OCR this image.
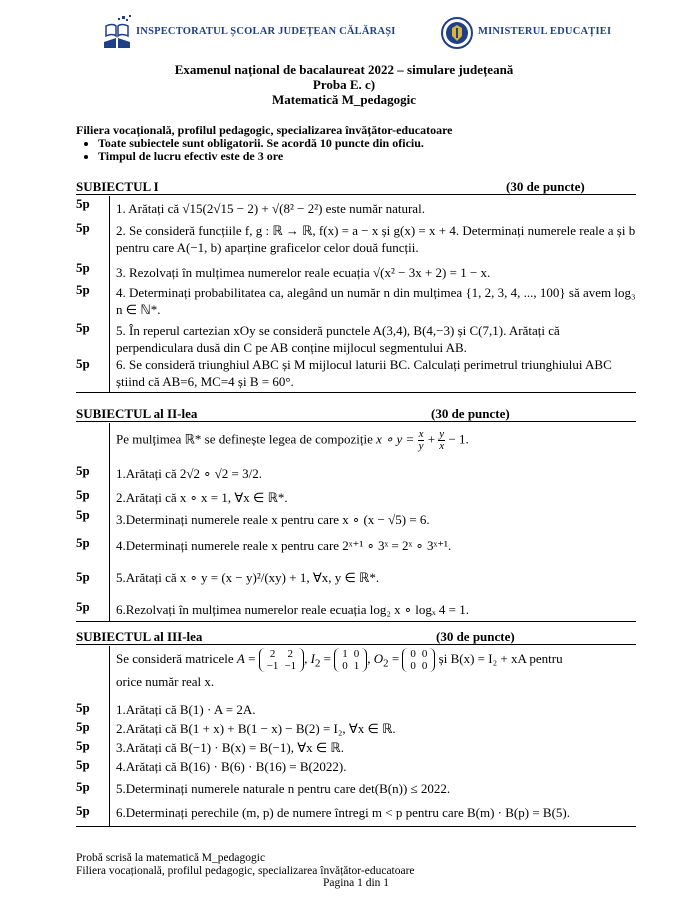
INSPECTORATUL ȘCOLAR JUDEȚEAN CĂLĂRAȘI	MINISTERUL EDUCAȚIEI
Examenul național de bacalaureat 2022 – simulare județeană
Proba E. c)
Matematică M_pedagogic
Filiera vocațională, profilul pedagogic, specializarea învățător-educatoare
• Toate subiectele sunt obligatorii. Se acordă 10 puncte din oficiu.
• Timpul de lucru efectiv este de 3 ore
SUBIECTUL I	(30 de puncte)
5p	1. Arătați că √15(2√15 − 2) + √(8² − 2²) este număr natural.
5p	2. Se consideră funcțiile f, g : ℝ → ℝ, f(x) = a − x și g(x) = x + 4. Determinați numerele reale a și b pentru care A(−1, b) aparține graficelor celor două funcții.
5p	3. Rezolvați în mulțimea numerelor reale ecuația √(x² − 3x + 2) = 1 − x.
5p	4. Determinați probabilitatea ca, alegând un număr n din mulțimea {1, 2, 3, 4, ..., 100} să avem log₃ n ∈ ℕ*.
5p	5. În reperul cartezian xOy se consideră punctele A(3,4), B(4,−3) și C(7,1). Arătați că perpendiculara dusă din C pe AB conține mijlocul segmentului AB.
5p	6. Se consideră triunghiul ABC și M mijlocul laturii BC. Calculați perimetrul triunghiului ABC știind că AB=6, MC=4 și B = 60°.
SUBIECTUL al II-lea	(30 de puncte)
Pe mulțimea ℝ* se definește legea de compoziție x ∘ $y = \frac{x}{y} + \frac{y}{x} - 1$.
5p	1.Arătați că 2√2 ∘ √2 = 3/2.
5p	2.Arătați că x ∘ x = 1, ∀x ∈ ℝ*.
5p	3.Determinați numerele reale x pentru care x ∘ (x − √5) = 6.
5p	4.Determinați numerele reale x pentru care 2ˣ⁺¹ ∘ 3ˣ = 2ˣ ∘ 3ˣ⁺¹.
5p	5.Arătați că x ∘ y = (x − y)²/(xy) + 1, ∀x, y ∈ ℝ*.
5p	6.Rezolvați în mulțimea numerelor reale ecuația log₂ x ∘ logₓ 4 = 1.
SUBIECTUL al III-lea	(30 de puncte)
Se consideră matricele A = 2	2
−1	−1
, $I_2 = 1$	0
0	1
, $O_2 = 0$	0
0	0
și B(x) = I₂ + xA pentru
orice număr real x.
5p	1.Arătați că B(1) · A = 2A.
5p	2.Arătați că B(1 + x) + B(1 − x) − B(2) = I₂, ∀x ∈ ℝ.
5p	3.Arătați că B(−1) · B(x) = B(−1), ∀x ∈ ℝ.
5p	4.Arătați că B(16) · B(6) · B(16) = B(2022).
5p	5.Determinați numerele naturale n pentru care det(B(n)) ≤ 2022.
5p	6.Determinați perechile (m, p) de numere întregi m < p pentru care B(m) · B(p) = B(5).
Probă scrisă la matematică M_pedagogic
Filiera vocațională, profilul pedagogic, specializarea învățător-educatoare
Pagina 1 din 1
